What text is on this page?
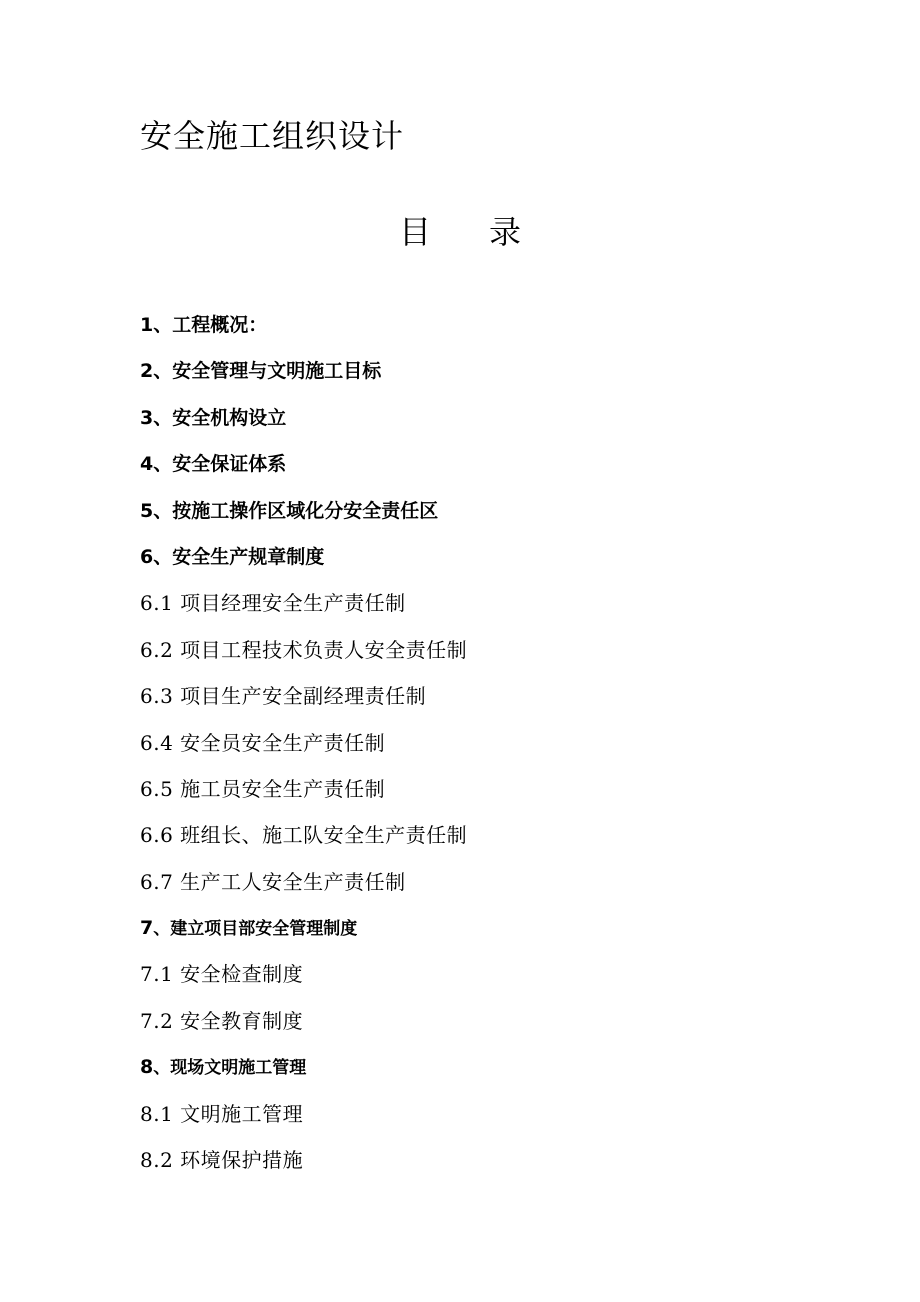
安全施工组织设计
目 录
1、工程概况：
2、安全管理与文明施工目标
3、安全机构设立
4、安全保证体系
5、按施工操作区域化分安全责任区
6、安全生产规章制度
6.1 项目经理安全生产责任制
6.2 项目工程技术负责人安全责任制
6.3 项目生产安全副经理责任制
6.4 安全员安全生产责任制
6.5 施工员安全生产责任制
6.6 班组长、施工队安全生产责任制
6.7 生产工人安全生产责任制
7、建立项目部安全管理制度
7.1 安全检查制度
7.2 安全教育制度
8、现场文明施工管理
8.1 文明施工管理
8.2 环境保护措施
